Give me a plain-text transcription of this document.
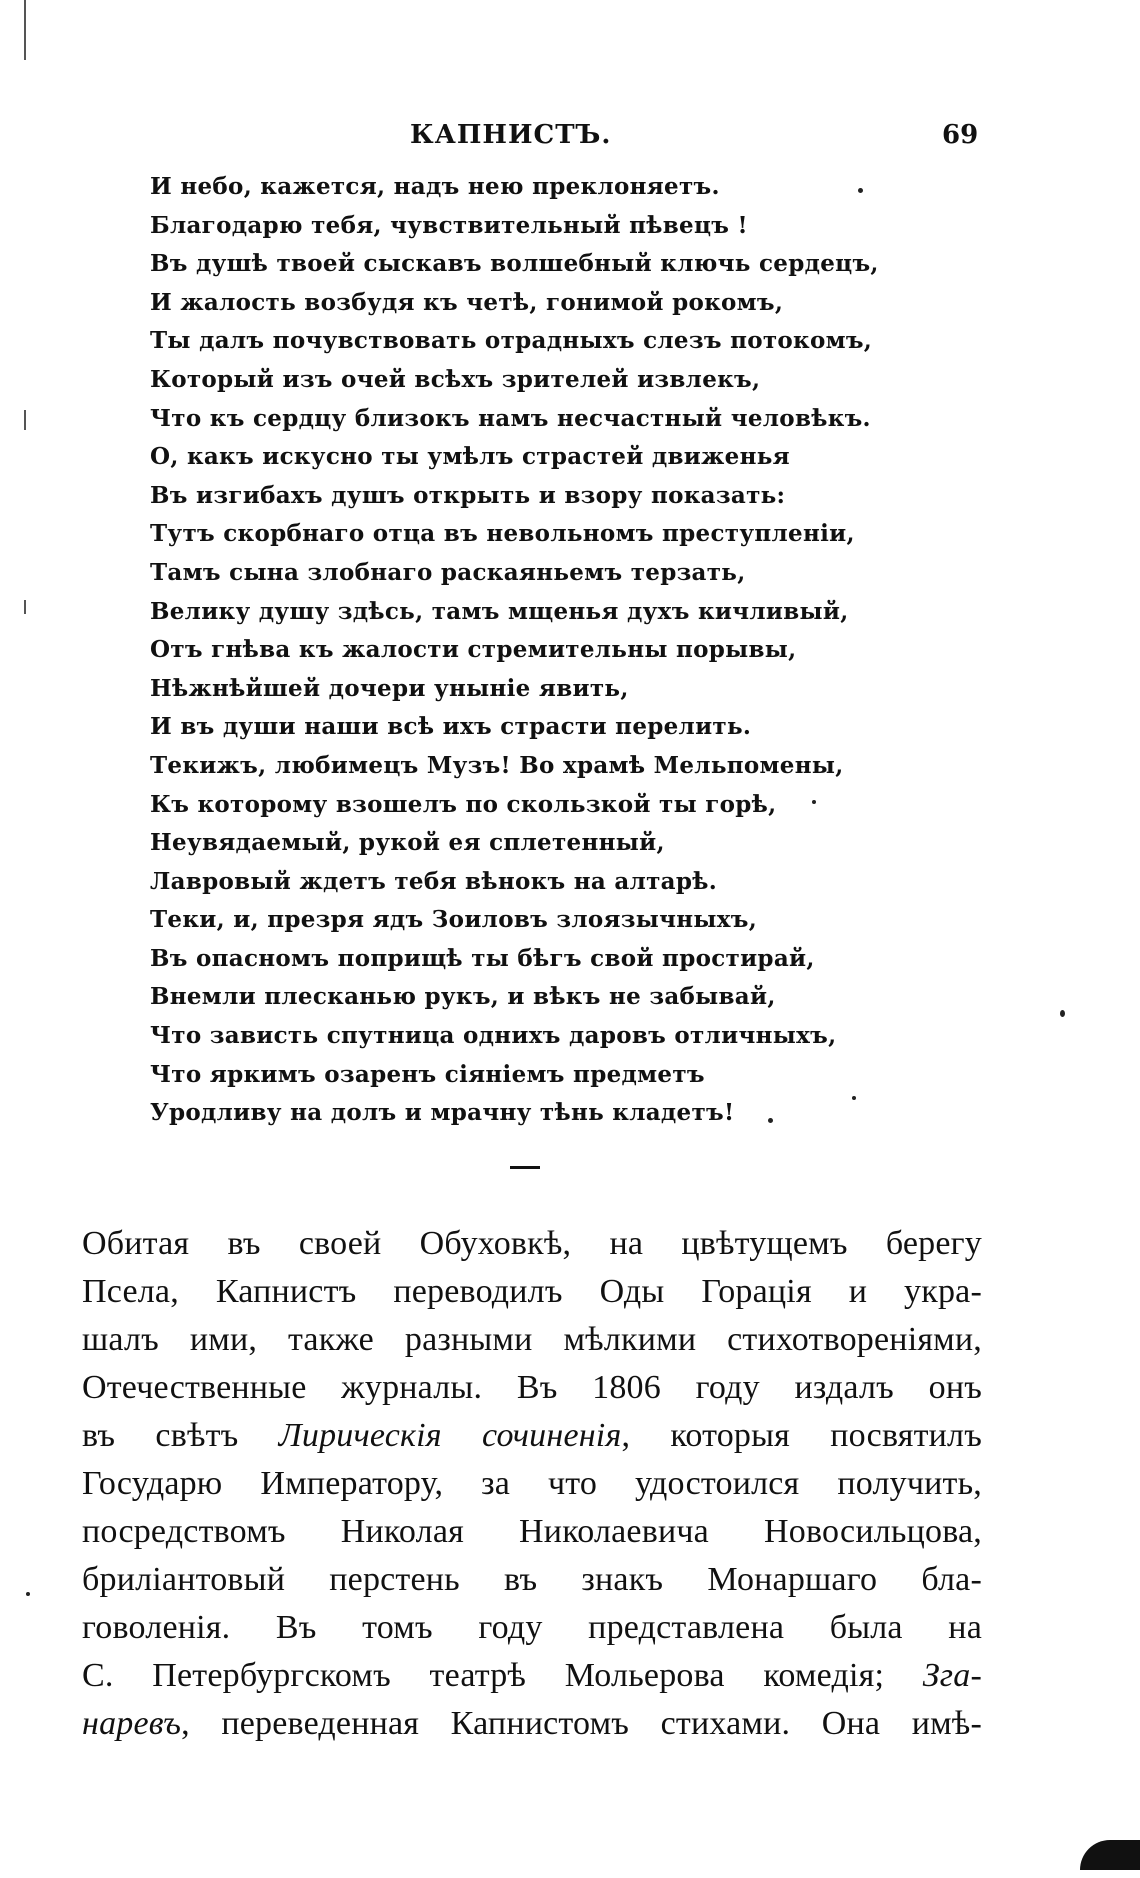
КАПНИСТЪ.	69
И небо, кажется, надъ нею преклоняетъ.
Благодарю тебя, чувствительный пѣвецъ !
Въ душѣ твоей сыскавъ волшебный ключь сердецъ,
И жалость возбудя къ четѣ, гонимой рокомъ,
Ты далъ почувствовать отрадныхъ слезъ потокомъ,
Который изъ очей всѣхъ зрителей извлекъ,
Что къ сердцу близокъ намъ несчастный человѣкъ.
О, какъ искусно ты умѣлъ страстей движенья
Въ изгибахъ душъ открыть и взору показать:
Тутъ скорбнаго отца въ невольномъ преступленіи,
Тамъ сына злобнаго раскаяньемъ терзать,
Велику душу здѣсь, тамъ мщенья духъ кичливый,
Отъ гнѣва къ жалости стремительны порывы,
Нѣжнѣйшей дочери уныніе явить,
И въ души наши всѣ ихъ страсти перелить.
Текижъ, любимецъ Музъ! Во храмѣ Мельпомены,
Къ которому взошелъ по скользкой ты горѣ,
Неувядаемый, рукой ея сплетенный,
Лавровый ждетъ тебя вѣнокъ на алтарѣ.
Теки, и, презря ядъ Зоиловъ злоязычныхъ,
Въ опасномъ поприщѣ ты бѣгъ свой простирай,
Внемли плесканью рукъ, и вѣкъ не забывай,
Что зависть спутница однихъ даровъ отличныхъ,
Что яркимъ озаренъ сіяніемъ предметъ
Уродливу на долъ и мрачну тѣнь кладетъ!
Обитая въ своей Обуховкѣ, на цвѣтущемъ берегу
Псела, Капнистъ переводилъ Оды Горація и укра-
шалъ ими, также разными мѣлкими стихотвореніями,
Отечественные журналы. Въ 1806 году издалъ онъ
въ свѣтъ Лирическія сочиненія, которыя посвятилъ
Государю Императору, за что удостоился получить,
посредствомъ Николая Николаевича Новосильцова,
бриліантовый перстень въ знакъ Монаршаго бла-
говоленія. Въ томъ году представлена была на
С. Петербургскомъ театрѣ Мольерова комедія; Зга-
наревъ, переведенная Капнистомъ стихами. Она имѣ-
